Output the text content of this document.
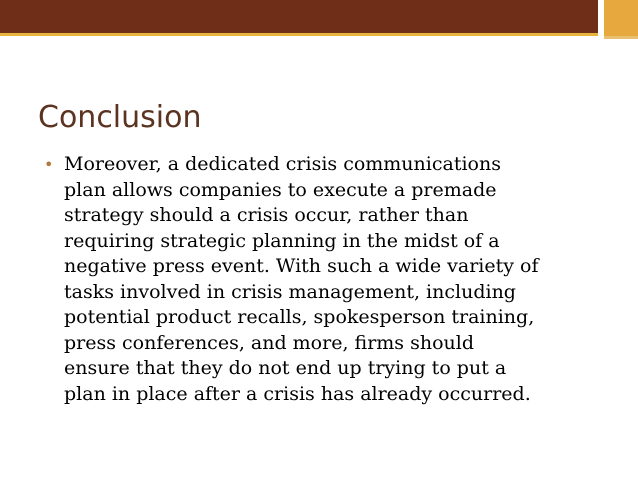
Conclusion
• Moreover, a dedicated crisis communications
plan allows companies to execute a premade
strategy should a crisis occur, rather than
requiring strategic planning in the midst of a
negative press event. With such a wide variety of
tasks involved in crisis management, including
potential product recalls, spokesperson training,
press conferences, and more, firms should
ensure that they do not end up trying to put a
plan in place after a crisis has already occurred.
